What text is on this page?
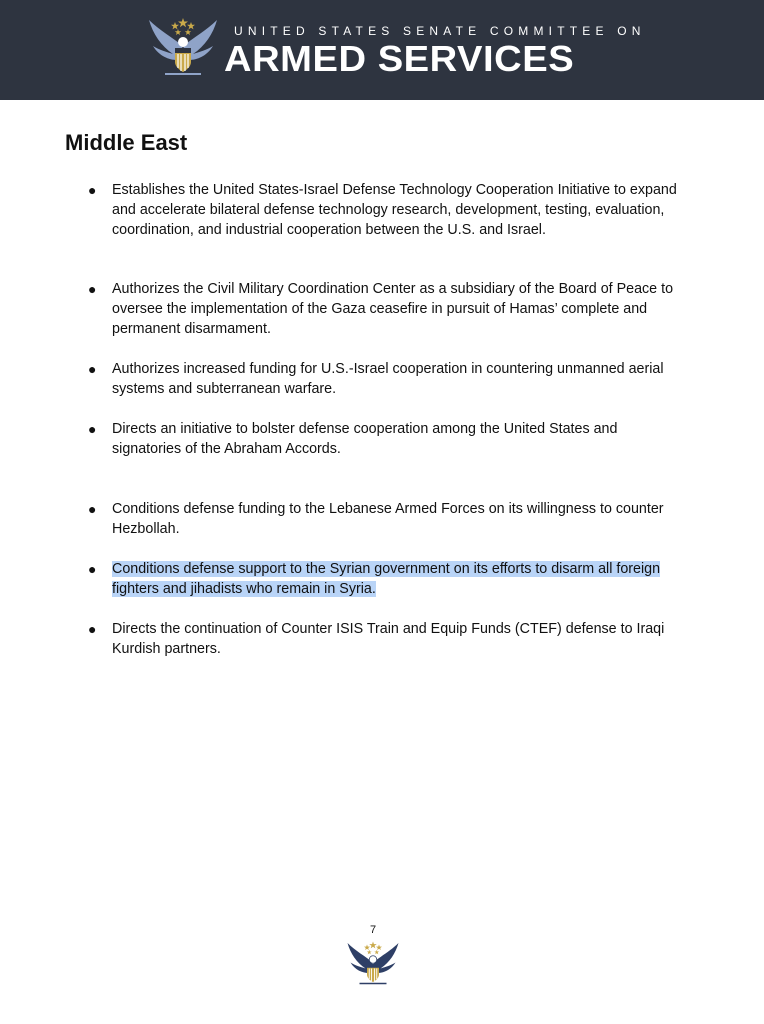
UNITED STATES SENATE COMMITTEE ON
ARMED SERVICES
Middle East
● Establishes the United States-Israel Defense Technology Cooperation Initiative to expand and accelerate bilateral defense technology research, development, testing, evaluation, coordination, and industrial cooperation between the U.S. and Israel.
● Authorizes the Civil Military Coordination Center as a subsidiary of the Board of Peace to oversee the implementation of the Gaza ceasefire in pursuit of Hamas’ complete and permanent disarmament.
● Authorizes increased funding for U.S.-Israel cooperation in countering unmanned aerial systems and subterranean warfare.
● Directs an initiative to bolster defense cooperation among the United States and signatories of the Abraham Accords.
● Conditions defense funding to the Lebanese Armed Forces on its willingness to counter Hezbollah.
● Conditions defense support to the Syrian government on its efforts to disarm all foreign fighters and jihadists who remain in Syria.
● Directs the continuation of Counter ISIS Train and Equip Funds (CTEF) defense to Iraqi Kurdish partners.
7
